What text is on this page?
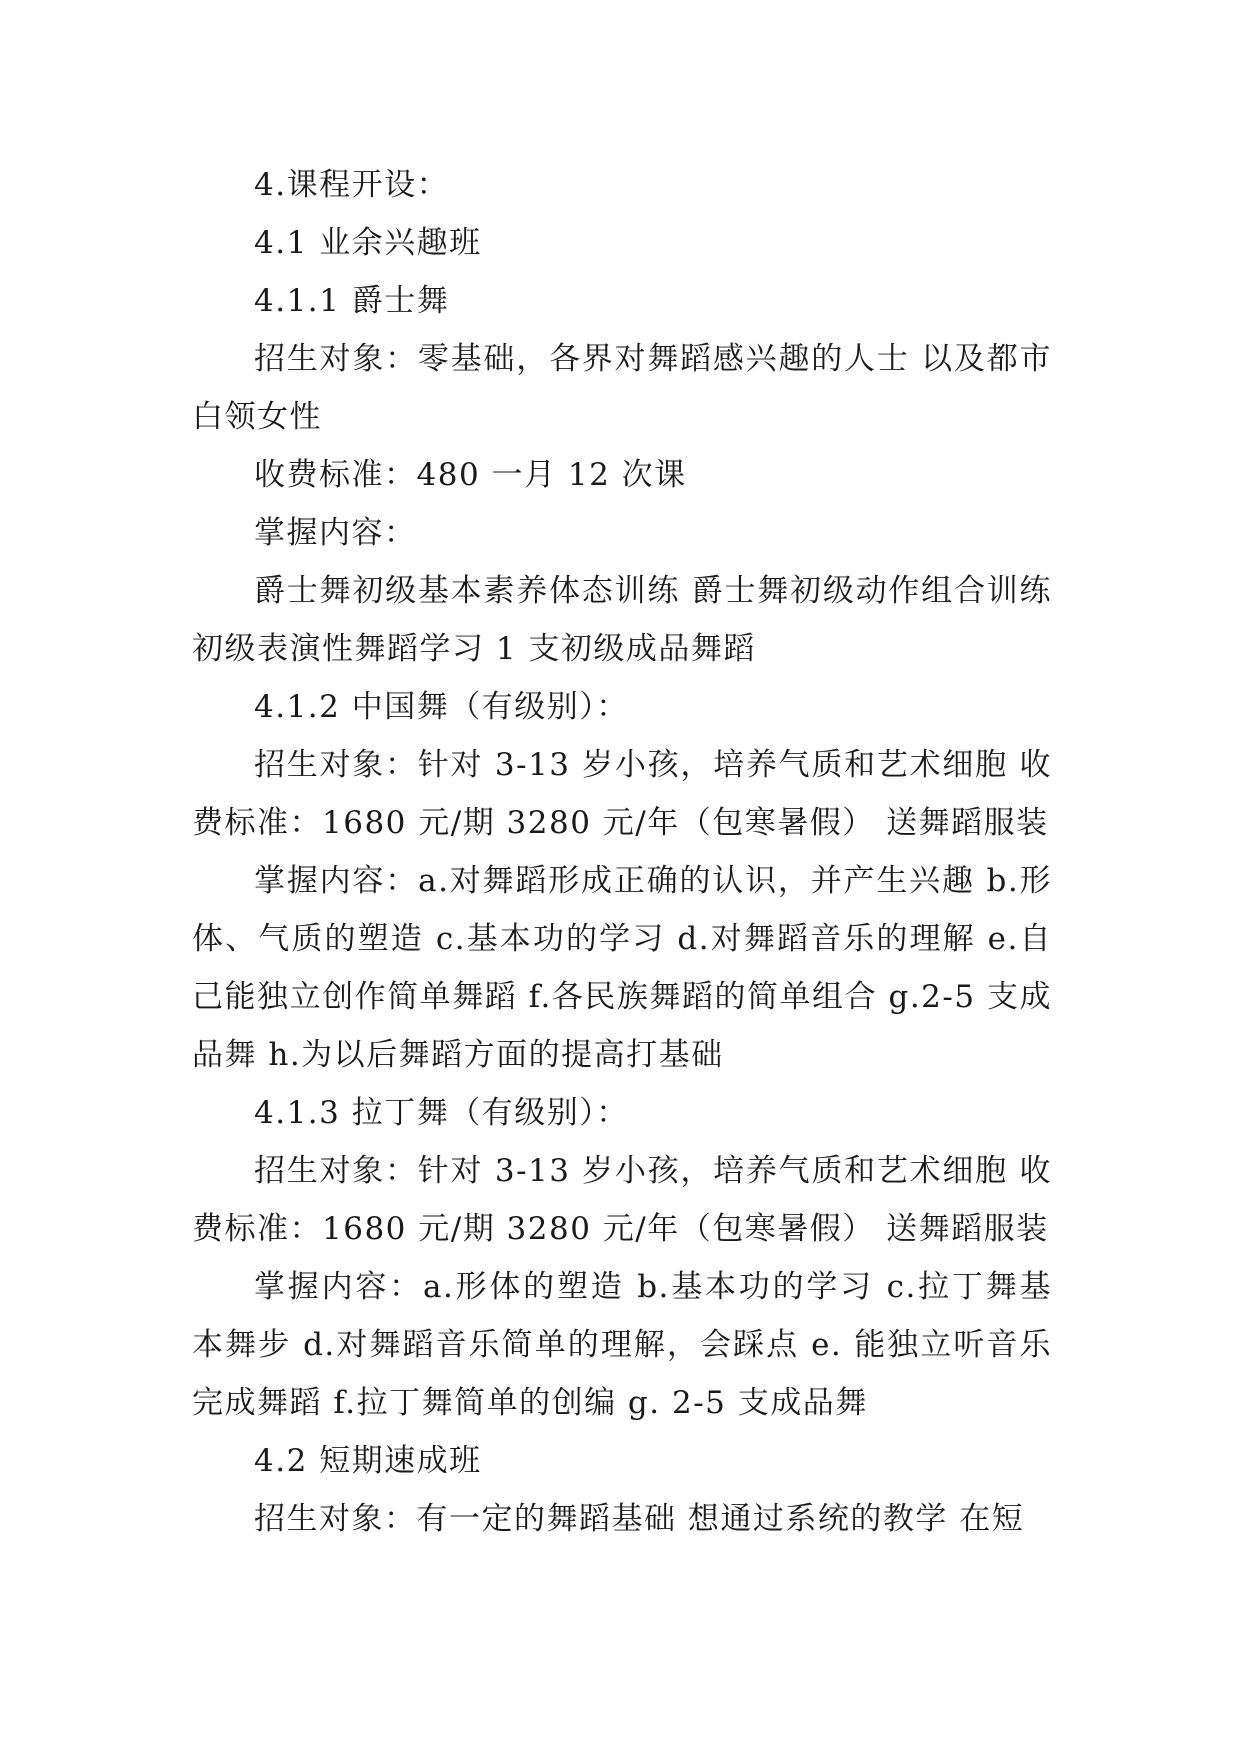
4.课程开设：

4.1 业余兴趣班

4.1.1 爵士舞

招生对象：零基础，各界对舞蹈感兴趣的人士 以及都市白领女性

收费标准：480 一月 12 次课

掌握内容：

爵士舞初级基本素养体态训练 爵士舞初级动作组合训练 初级表演性舞蹈学习 1 支初级成品舞蹈

4.1.2 中国舞（有级别）：

招生对象：针对 3-13 岁小孩，培养气质和艺术细胞 收费标准：1680 元/期 3280 元/年（包寒暑假） 送舞蹈服装

掌握内容：a.对舞蹈形成正确的认识，并产生兴趣 b.形体、气质的塑造 c.基本功的学习 d.对舞蹈音乐的理解 e.自己能独立创作简单舞蹈 f.各民族舞蹈的简单组合 g.2-5 支成品舞 h.为以后舞蹈方面的提高打基础

4.1.3 拉丁舞（有级别）：

招生对象：针对 3-13 岁小孩，培养气质和艺术细胞 收费标准：1680 元/期 3280 元/年（包寒暑假） 送舞蹈服装

掌握内容：a.形体的塑造 b.基本功的学习 c.拉丁舞基本舞步 d.对舞蹈音乐简单的理解，会踩点 e. 能独立听音乐完成舞蹈 f.拉丁舞简单的创编 g. 2-5 支成品舞

4.2 短期速成班

招生对象：有一定的舞蹈基础 想通过系统的教学 在短
